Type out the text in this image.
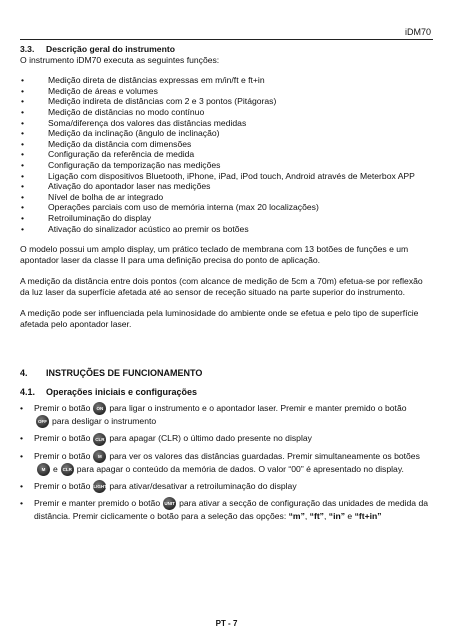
iDM70
3.3.	Descrição geral do instrumento

O instrumento iDM70 executa as seguintes funções:

•	Medição direta de distâncias expressas em m/in/ft e ft+in
•	Medição de áreas e volumes
•	Medição indireta de distâncias com 2 e 3 pontos (Pitágoras)
•	Medição de distâncias no modo contínuo
•	Soma/diferença dos valores das distâncias medidas
•	Medição da inclinação (ângulo de inclinação)
•	Medição da distância com dimensões
•	Configuração da referência de medida
•	Configuração da temporização nas medições
•	Ligação com dispositivos Bluetooth, iPhone, iPad, iPod touch, Android através de Meterbox APP
•	Ativação do apontador laser nas medições
•	Nível de bolha de ar integrado
•	Operações parciais com uso de memória interna (max 20 localizações)
•	Retroiluminação do display
•	Ativação do sinalizador acústico ao premir os botões

O modelo possui um amplo display, um prático teclado de membrana com 13 botões de funções e um apontador laser da classe II para uma definição precisa do ponto de aplicação.

A medição da distância entre dois pontos (com alcance de medição de 5cm a 70m) efetua-se por reflexão da luz laser da superfície afetada até ao sensor de receção situado na parte superior do instrumento.

A medição pode ser influenciada pela luminosidade do ambiente onde se efetua e pelo tipo de superfície afetada pelo apontador laser.

4.	INSTRUÇÕES DE FUNCIONAMENTO
4.1.	Operações iniciais e configurações
• Premir o botão ON para ligar o instrumento e o apontador laser. Premir e manter premido o botão
OFF para desligar o instrumento
• Premir o botão CLR para apagar (CLR) o último dado presente no display
• Premir o botão M para ver os valores das distâncias guardadas. Premir simultaneamente os botõesM e CLR para apagar o conteúdo da memória de dados. O valor “00” é apresentado no display.
• Premir o botão LIGHT para ativar/desativar a retroiluminação do display
• Premir e manter premido o botão UNIT para ativar a secção de configuração das unidades de medida da distância. Premir ciclicamente o botão para a seleção das opções: “m”, “ft”, “in” e “ft+in”
PT - 7
